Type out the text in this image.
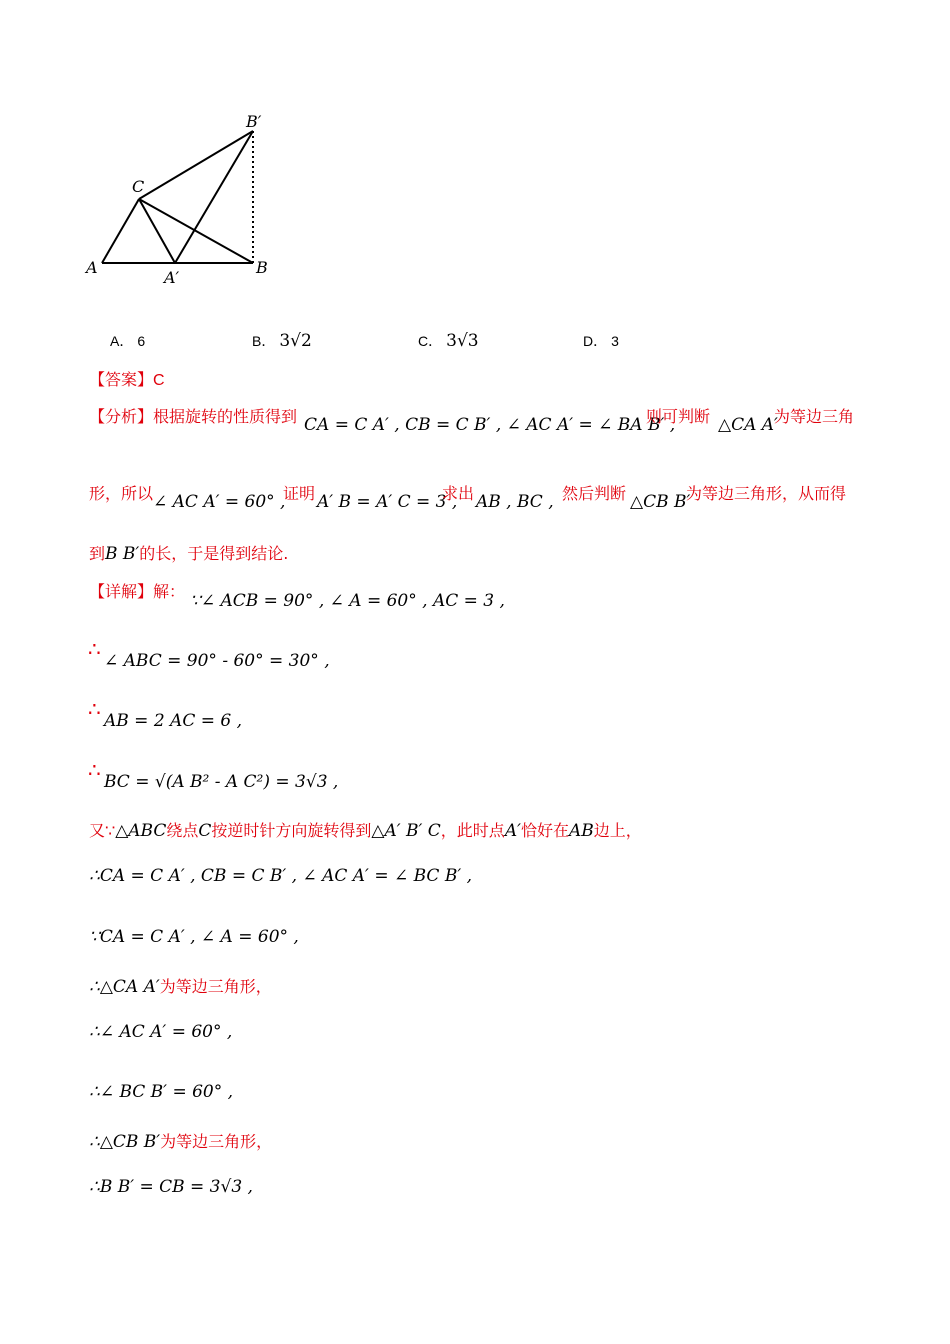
A	B
C
A′
B′
A． 6	B． 3√2	C． 3√3	D． 3
【答案】C
【分析】根据旋转的性质得到 CA = C A′ , CB = C B′ , ∠ AC A′ = ∠ BA B′ ,
则可判断 △CA A′
为等边三角
形，所以 ∠ AC A′ = 60° ,
证明 A′ B = A′ C = 3 ,
求出 AB , BC , 然后判断 △CB B′
为等边三角形，从而得
到B B′的长，于是得到结论.
【详解】解： ∵∠ ACB = 90° , ∠ A = 60° , AC = 3 ,
∴ ∠ ABC = 90° - 60° = 30° ,
∴ AB = 2 AC = 6 ,
∴ BC = √(A B² - A C²) = 3√3 ,
又∵△ABC绕点C按逆时针方向旋转得到△A′ B′ C，此时点A′恰好在AB边上，
∴CA = C A′ , CB = C B′ , ∠ AC A′ = ∠ BC B′ ,
∵CA = C A′ , ∠ A = 60° ,
∴△CA A′为等边三角形，
∴∠ AC A′ = 60° ,
∴∠ BC B′ = 60° ,
∴△CB B′为等边三角形，
∴B B′ = CB = 3√3 ,
